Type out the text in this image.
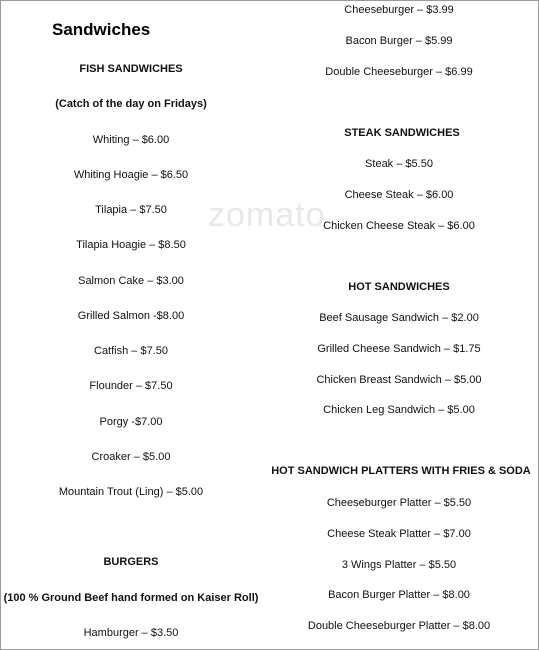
zomato
Sandwiches
FISH SANDWICHES
(Catch of the day on Fridays)
Whiting – $6.00
Whiting Hoagie – $6.50
Tilapia – $7.50
Tilapia Hoagie – $8.50
Salmon Cake – $3.00
Grilled Salmon -$8.00
Catfish – $7.50
Flounder – $7.50
Porgy -$7.00
Croaker – $5.00
Mountain Trout (Ling) – $5.00
BURGERS
(100 % Ground Beef hand formed on Kaiser Roll)
Hamburger – $3.50
Cheeseburger – $3.99
Bacon Burger – $5.99
Double Cheeseburger – $6.99
STEAK SANDWICHES
Steak – $5.50
Cheese Steak – $6.00
Chicken Cheese Steak – $6.00
HOT SANDWICHES
Beef Sausage Sandwich – $2.00
Grilled Cheese Sandwich – $1.75
Chicken Breast Sandwich – $5.00
Chicken Leg Sandwich – $5.00
HOT SANDWICH PLATTERS WITH FRIES & SODA
Cheeseburger Platter – $5.50
Cheese Steak Platter – $7.00
3 Wings Platter – $5.50
Bacon Burger Platter – $8.00
Double Cheeseburger Platter – $8.00
